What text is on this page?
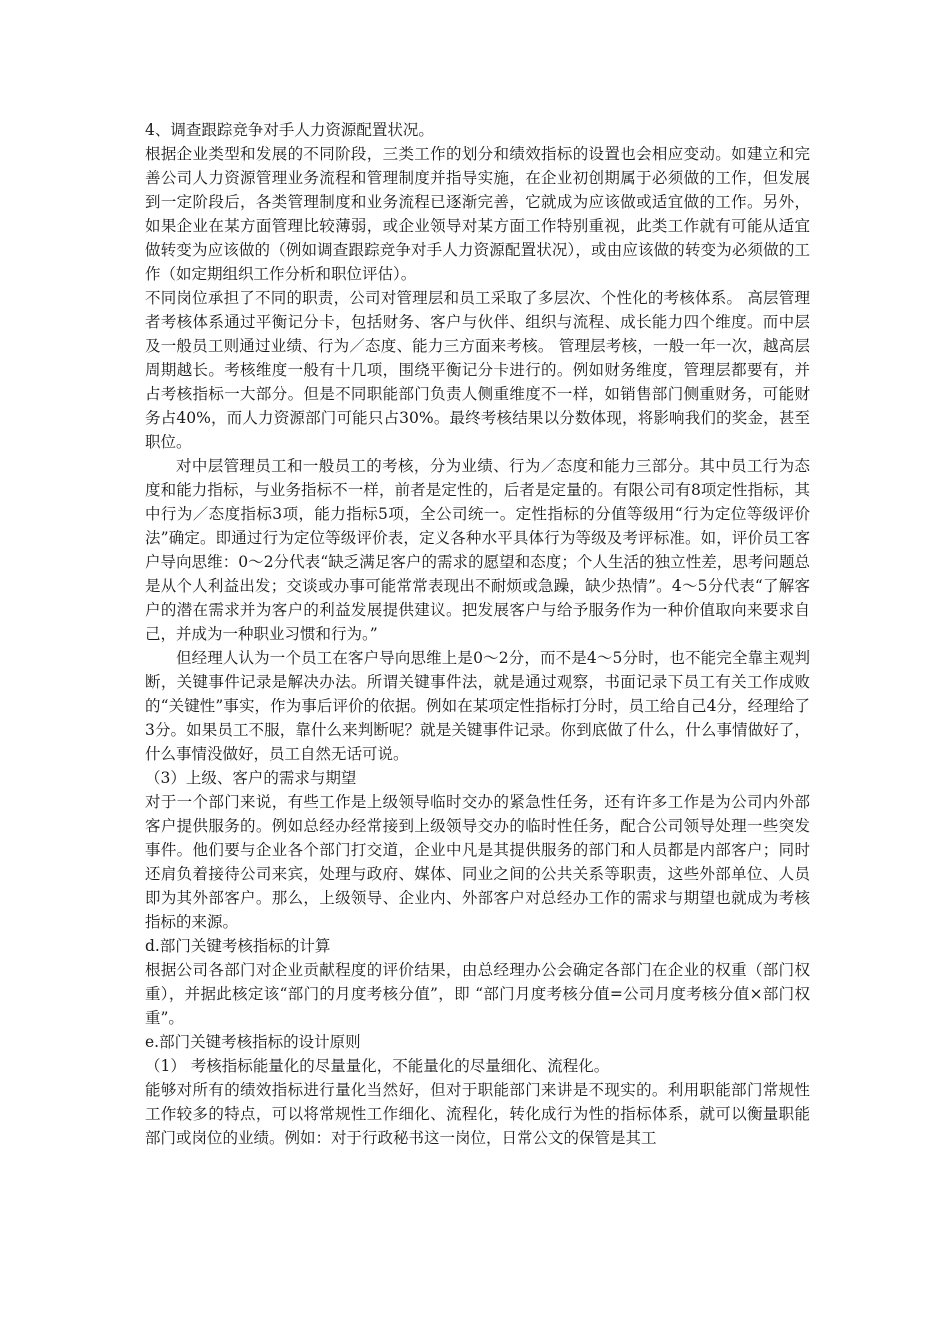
4、调查跟踪竞争对手人力资源配置状况。

根据企业类型和发展的不同阶段，三类工作的划分和绩效指标的设置也会相应变动。如建立和完善公司人力资源管理业务流程和管理制度并指导实施，在企业初创期属于必须做的工作，但发展到一定阶段后，各类管理制度和业务流程已逐渐完善，它就成为应该做或适宜做的工作。另外，如果企业在某方面管理比较薄弱，或企业领导对某方面工作特别重视，此类工作就有可能从适宜做转变为应该做的（例如调查跟踪竞争对手人力资源配置状况），或由应该做的转变为必须做的工作（如定期组织工作分析和职位评估）。

不同岗位承担了不同的职责，公司对管理层和员工采取了多层次、个性化的考核体系。 高层管理者考核体系通过平衡记分卡，包括财务、客户与伙伴、组织与流程、成长能力四个维度。而中层及一般员工则通过业绩、行为／态度、能力三方面来考核。 管理层考核，一般一年一次，越高层周期越长。考核维度一般有十几项，围绕平衡记分卡进行的。例如财务维度，管理层都要有，并占考核指标一大部分。但是不同职能部门负责人侧重维度不一样，如销售部门侧重财务，可能财务占40%，而人力资源部门可能只占30%。最终考核结果以分数体现，将影响我们的奖金，甚至职位。

对中层管理员工和一般员工的考核，分为业绩、行为／态度和能力三部分。其中员工行为态度和能力指标，与业务指标不一样，前者是定性的，后者是定量的。有限公司有8项定性指标，其中行为／态度指标3项，能力指标5项，全公司统一。定性指标的分值等级用“行为定位等级评价法”确定。即通过行为定位等级评价表，定义各种水平具体行为等级及考评标准。如，评价员工客户导向思维：0～2分代表“缺乏满足客户的需求的愿望和态度；个人生活的独立性差，思考问题总是从个人利益出发；交谈或办事可能常常表现出不耐烦或急躁，缺少热情”。4～5分代表“了解客户的潜在需求并为客户的利益发展提供建议。把发展客户与给予服务作为一种价值取向来要求自己，并成为一种职业习惯和行为。”

但经理人认为一个员工在客户导向思维上是0～2分，而不是4～5分时，也不能完全靠主观判断，关键事件记录是解决办法。所谓关键事件法，就是通过观察，书面记录下员工有关工作成败的“关键性”事实，作为事后评价的依据。例如在某项定性指标打分时，员工给自己4分，经理给了3分。如果员工不服，靠什么来判断呢？就是关键事件记录。你到底做了什么，什么事情做好了，什么事情没做好，员工自然无话可说。

（3）上级、客户的需求与期望

对于一个部门来说，有些工作是上级领导临时交办的紧急性任务，还有许多工作是为公司内外部客户提供服务的。例如总经办经常接到上级领导交办的临时性任务，配合公司领导处理一些突发事件。他们要与企业各个部门打交道，企业中凡是其提供服务的部门和人员都是内部客户；同时还肩负着接待公司来宾，处理与政府、媒体、同业之间的公共关系等职责，这些外部单位、人员即为其外部客户。那么，上级领导、企业内、外部客户对总经办工作的需求与期望也就成为考核指标的来源。

d.部门关键考核指标的计算

根据公司各部门对企业贡献程度的评价结果，由总经理办公会确定各部门在企业的权重（部门权重），并据此核定该“部门的月度考核分值”，即 “部门月度考核分值=公司月度考核分值×部门权重”。

e.部门关键考核指标的设计原则

（1） 考核指标能量化的尽量量化，不能量化的尽量细化、流程化。

能够对所有的绩效指标进行量化当然好，但对于职能部门来讲是不现实的。利用职能部门常规性工作较多的特点，可以将常规性工作细化、流程化，转化成行为性的指标体系，就可以衡量职能部门或岗位的业绩。例如：对于行政秘书这一岗位，日常公文的保管是其工
